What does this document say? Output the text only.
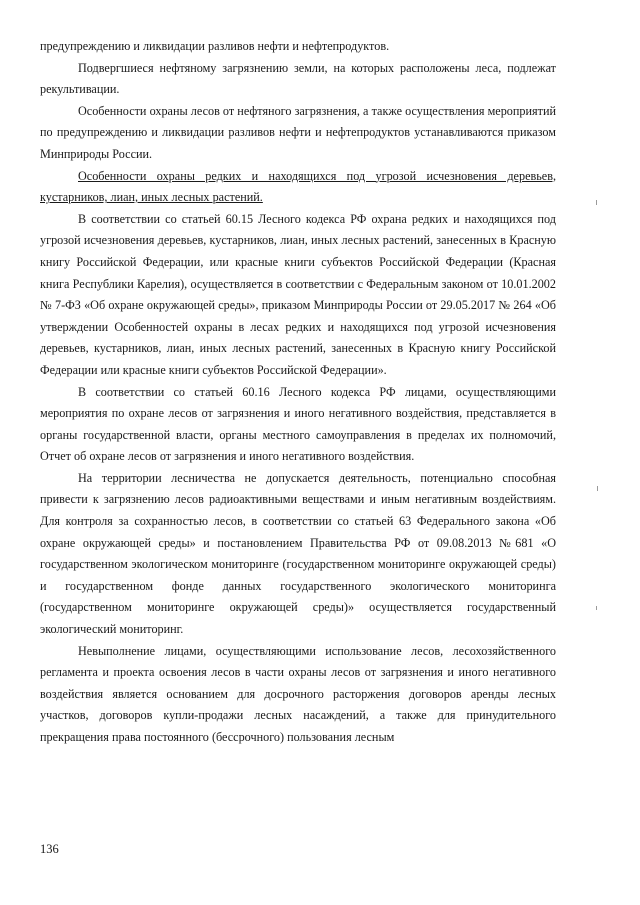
предупреждению и ликвидации разливов нефти и нефтепродуктов.

Подвергшиеся нефтяному загрязнению земли, на которых расположены леса, подлежат рекультивации.

Особенности охраны лесов от нефтяного загрязнения, а также осуществления мероприятий по предупреждению и ликвидации разливов нефти и нефтепродуктов устанавливаются приказом Минприроды России.

Особенности охраны редких и находящихся под угрозой исчезновения деревьев, кустарников, лиан, иных лесных растений.

В соответствии со статьей 60.15 Лесного кодекса РФ охрана редких и находящихся под угрозой исчезновения деревьев, кустарников, лиан, иных лесных растений, занесенных в Красную книгу Российской Федерации, или красные книги субъектов Российской Федерации (Красная книга Республики Карелия), осуществляется в соответствии с Федеральным законом от 10.01.2002 № 7-ФЗ «Об охране окружающей среды», приказом Минприроды России от 29.05.2017 № 264 «Об утверждении Особенностей охраны в лесах редких и находящихся под угрозой исчезновения деревьев, кустарников, лиан, иных лесных растений, занесенных в Красную книгу Российской Федерации или красные книги субъектов Российской Федерации».

В соответствии со статьей 60.16 Лесного кодекса РФ лицами, осуществляющими мероприятия по охране лесов от загрязнения и иного негативного воздействия, представляется в органы государственной власти, органы местного самоуправления в пределах их полномочий, Отчет об охране лесов от загрязнения и иного негативного воздействия.

На территории лесничества не допускается деятельность, потенциально способная привести к загрязнению лесов радиоактивными веществами и иным негативным воздействиям. Для контроля за сохранностью лесов, в соответствии со статьей 63 Федерального закона «Об охране окружающей среды» и постановлением Правительства РФ от 09.08.2013 №681 «О государственном экологическом мониторинге (государственном мониторинге окружающей среды) и государственном фонде данных государственного экологического мониторинга (государственном мониторинге окружающей среды)» осуществляется государственный экологический мониторинг.

Невыполнение лицами, осуществляющими использование лесов, лесохозяйственного регламента и проекта освоения лесов в части охраны лесов от загрязнения и иного негативного воздействия является основанием для досрочного расторжения договоров аренды лесных участков, договоров купли-продажи лесных насаждений, а также для принудительного прекращения права постоянного (бессрочного) пользования лесным

136
